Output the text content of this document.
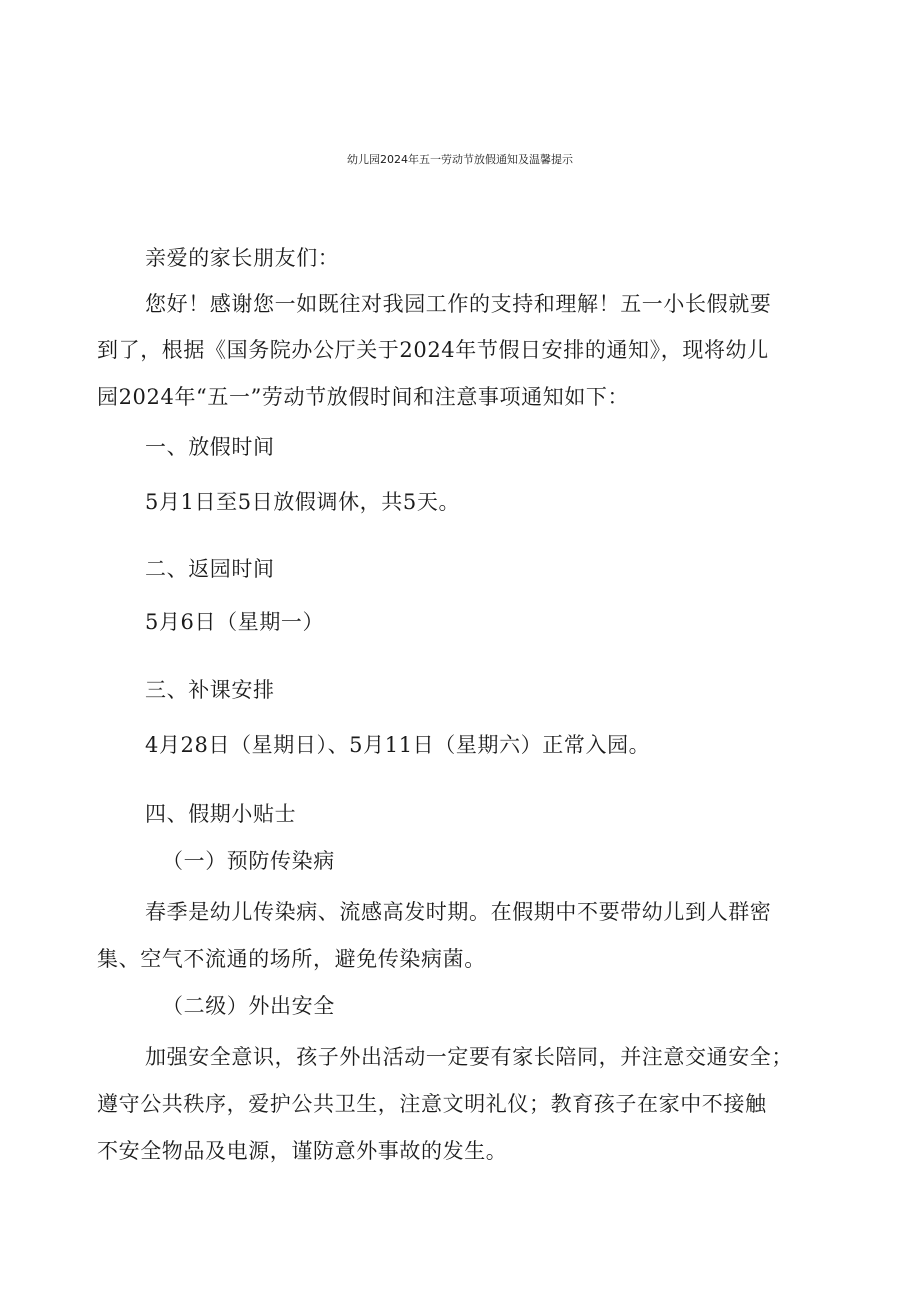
幼儿园2024年五一劳动节放假通知及温馨提示

亲爱的家长朋友们：

您好！感谢您一如既往对我园工作的支持和理解！五一小长假就要

到了，根据《国务院办公厅关于2024年节假日安排的通知》，现将幼儿

园2024年“五一”劳动节放假时间和注意事项通知如下：

一、放假时间

5月1日至5日放假调休，共5天。

二、返园时间

5月6日（星期一）

三、补课安排

4月28日（星期日）、5月11日（星期六）正常入园。

四、假期小贴士

（一）预防传染病

春季是幼儿传染病、流感高发时期。在假期中不要带幼儿到人群密

集、空气不流通的场所，避免传染病菌。

（二级）外出安全

加强安全意识，孩子外出活动一定要有家长陪同，并注意交通安全；

遵守公共秩序，爱护公共卫生，注意文明礼仪；教育孩子在家中不接触

不安全物品及电源，谨防意外事故的发生。
